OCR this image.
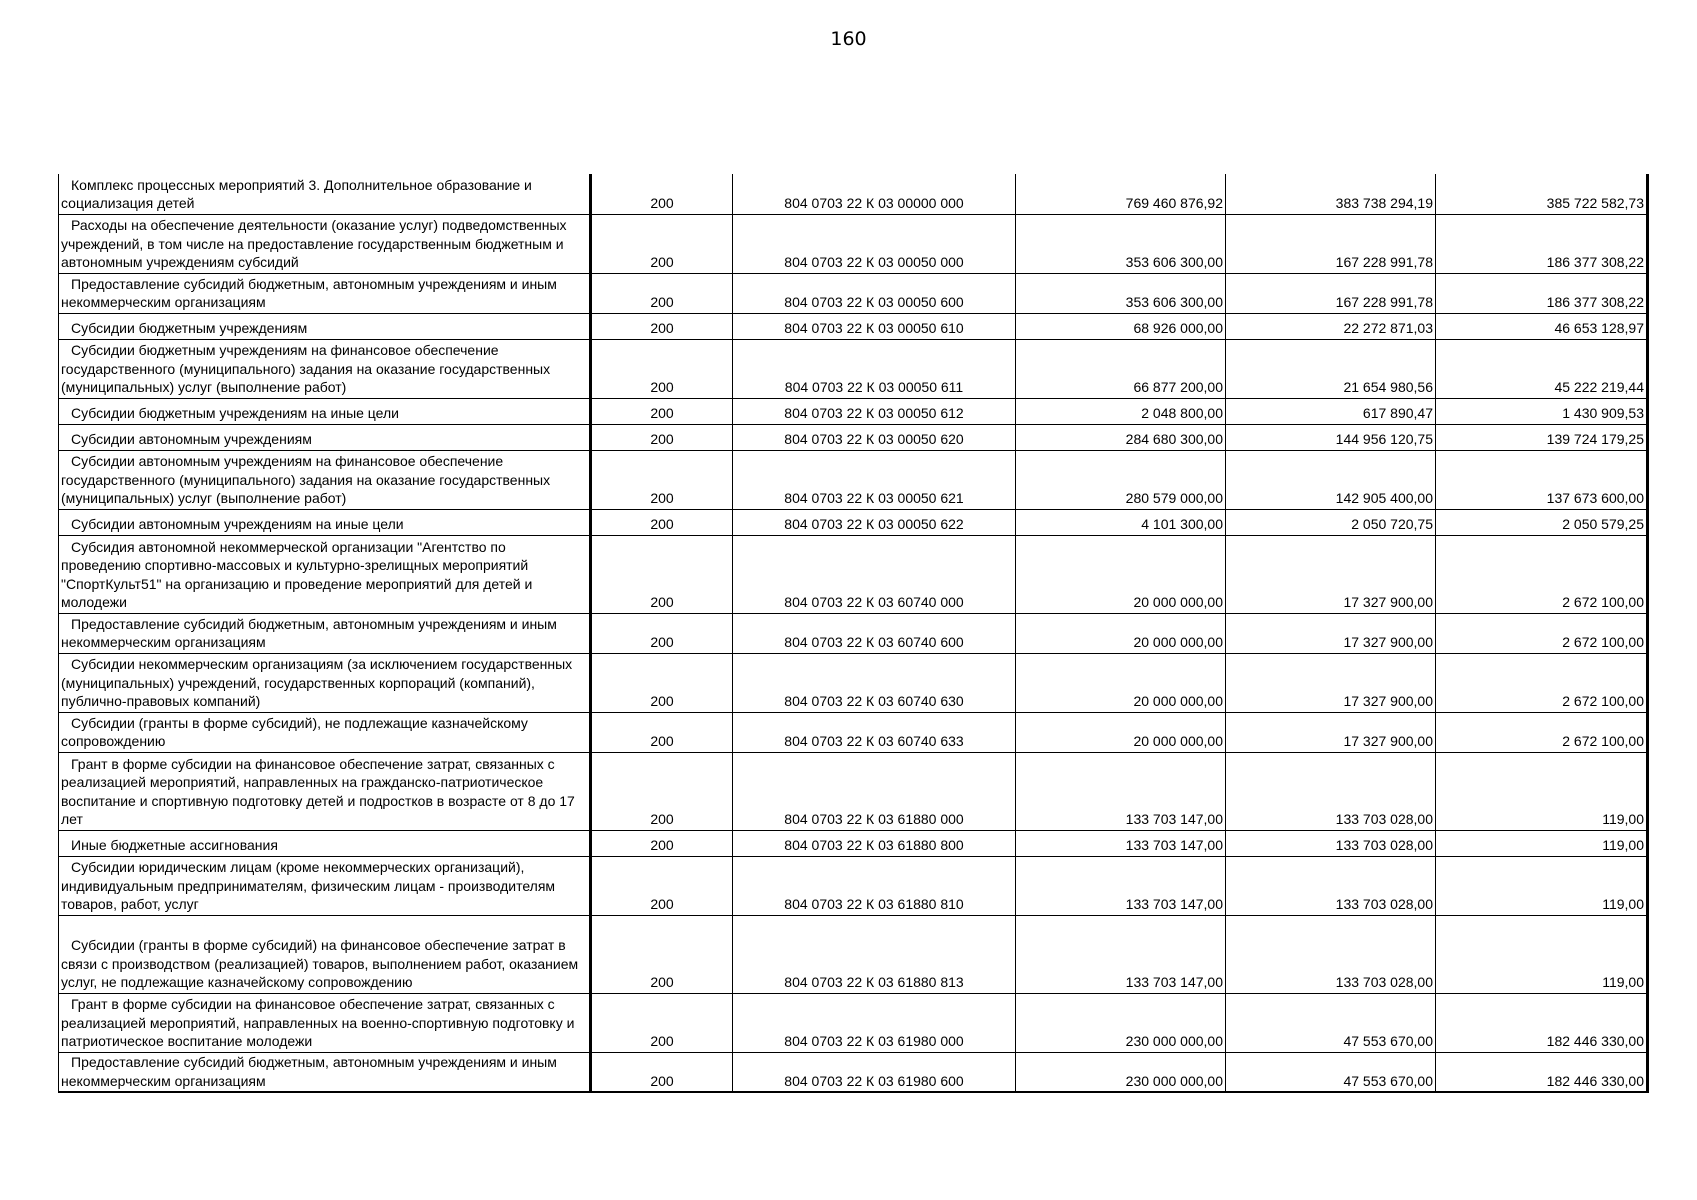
160
Комплекс процессных мероприятий 3. Дополнительное образование и социализация детей	200	804 0703 22 К 03 00000 000	769 460 876,92	383 738 294,19	385 722 582,73

Расходы на обеспечение деятельности (оказание услуг) подведомственных учреждений, в том числе на предоставление государственным бюджетным и автономным учреждениям субсидий	200	804 0703 22 К 03 00050 000	353 606 300,00	167 228 991,78	186 377 308,22

Предоставление субсидий бюджетным, автономным учреждениям и иным некоммерческим организациям	200	804 0703 22 К 03 00050 600	353 606 300,00	167 228 991,78	186 377 308,22

Субсидии бюджетным учреждениям	200	804 0703 22 К 03 00050 610	68 926 000,00	22 272 871,03	46 653 128,97

Субсидии бюджетным учреждениям на финансовое обеспечение государственного (муниципального) задания на оказание государственных (муниципальных) услуг (выполнение работ)	200	804 0703 22 К 03 00050 611	66 877 200,00	21 654 980,56	45 222 219,44

Субсидии бюджетным учреждениям на иные цели	200	804 0703 22 К 03 00050 612	2 048 800,00	617 890,47	1 430 909,53

Субсидии автономным учреждениям	200	804 0703 22 К 03 00050 620	284 680 300,00	144 956 120,75	139 724 179,25

Субсидии автономным учреждениям на финансовое обеспечение государственного (муниципального) задания на оказание государственных (муниципальных) услуг (выполнение работ)	200	804 0703 22 К 03 00050 621	280 579 000,00	142 905 400,00	137 673 600,00

Субсидии автономным учреждениям на иные цели	200	804 0703 22 К 03 00050 622	4 101 300,00	2 050 720,75	2 050 579,25

Субсидия автономной некоммерческой организации "Агентство по проведению спортивно-массовых и культурно-зрелищных мероприятий "СпортКульт51" на организацию и проведение мероприятий для детей и молодежи	200	804 0703 22 К 03 60740 000	20 000 000,00	17 327 900,00	2 672 100,00

Предоставление субсидий бюджетным, автономным учреждениям и иным некоммерческим организациям	200	804 0703 22 К 03 60740 600	20 000 000,00	17 327 900,00	2 672 100,00

Субсидии некоммерческим организациям (за исключением государственных (муниципальных) учреждений, государственных корпораций (компаний), публично-правовых компаний)	200	804 0703 22 К 03 60740 630	20 000 000,00	17 327 900,00	2 672 100,00

Субсидии (гранты в форме субсидий), не подлежащие казначейскому сопровождению	200	804 0703 22 К 03 60740 633	20 000 000,00	17 327 900,00	2 672 100,00

Грант в форме субсидии на финансовое обеспечение затрат, связанных с реализацией мероприятий, направленных на гражданско-патриотическое воспитание и спортивную подготовку детей и подростков в возрасте от 8 до 17 лет	200	804 0703 22 К 03 61880 000	133 703 147,00	133 703 028,00	119,00

Иные бюджетные ассигнования	200	804 0703 22 К 03 61880 800	133 703 147,00	133 703 028,00	119,00

Субсидии юридическим лицам (кроме некоммерческих организаций), индивидуальным предпринимателям, физическим лицам - производителям товаров, работ, услуг	200	804 0703 22 К 03 61880 810	133 703 147,00	133 703 028,00	119,00

Субсидии (гранты в форме субсидий) на финансовое обеспечение затрат в связи с производством (реализацией) товаров, выполнением работ, оказанием услуг, не подлежащие казначейскому сопровождению	200	804 0703 22 К 03 61880 813	133 703 147,00	133 703 028,00	119,00

Грант в форме субсидии на финансовое обеспечение затрат, связанных с реализацией мероприятий, направленных на военно-спортивную подготовку и патриотическое воспитание молодежи	200	804 0703 22 К 03 61980 000	230 000 000,00	47 553 670,00	182 446 330,00

Предоставление субсидий бюджетным, автономным учреждениям и иным некоммерческим организациям	200	804 0703 22 К 03 61980 600	230 000 000,00	47 553 670,00	182 446 330,00
